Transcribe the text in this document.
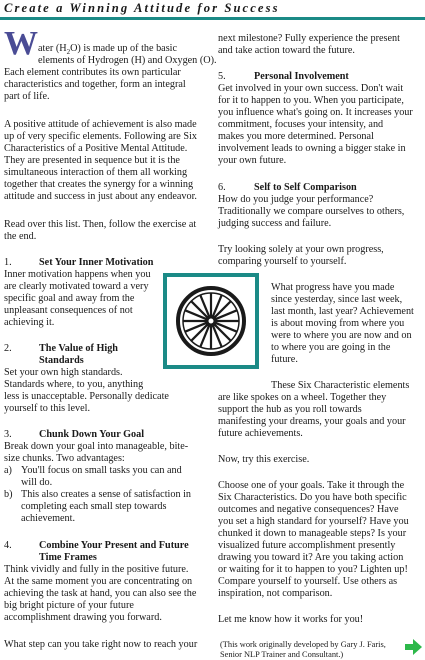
Create a Winning Attitude for Success
W ater $(H_2O)$ is made up of the basic
elements of Hydrogen (H) and Oxygen (O).
Each element contributes its own particular
characteristics and together, form an integral
part of life.
A positive attitude of achievement is also made
up of very specific elements. Following are Six
Characteristics of a Positive Mental Attitude.
They are presented in sequence but it is the
simultaneous interaction of them all working
together that creates the synergy for a winning
attitude and success in just about any endeavor.
Read over this list. Then, follow the exercise at
the end.
1.	Set Your Inner Motivation
Inner motivation happens when you
are clearly motivated toward a very
specific goal and away from the
unpleasant consequences of not
achieving it.
2.	The Value of High
Standards
Set your own high standards.
Standards where, to you, anything
less is unacceptable. Personally dedicate
yourself to this level.
3.	Chunk Down Your Goal
Break down your goal into manageable, bite-
size chunks. Two advantages:
a) You'll focus on small tasks you can and
will do.
b) This also creates a sense of satisfaction in
completing each small step towards
achievement.
4.	Combine Your Present and Future
Time Frames
Think vividly and fully in the positive future.
At the same moment you are concentrating on
achieving the task at hand, you can also see the
big bright picture of your future
accomplishment drawing you forward.
What step can you take right now to reach your
next milestone? Fully experience the present
and take action toward the future.
5.	Personal Involvement
Get involved in your own success. Don't wait
for it to happen to you. When you participate,
you influence what's going on. It increases your
commitment, focuses your intensity, and
makes you more determined. Personal
involvement leads to owning a bigger stake in
your own future.
6.	Self to Self Comparison
How do you judge your performance?
Traditionally we compare ourselves to others,
judging success and failure.
Try looking solely at your own progress,
comparing yourself to yourself.
What progress have you made
since yesterday, since last week,
last month, last year? Achievement
is about moving from where you
were to where you are now and on
to where you are going in the
future.
These Six Characteristic elements
are like spokes on a wheel. Together they
support the hub as you roll towards
manifesting your dreams, your goals and your
future achievements.
Now, try this exercise.
Choose one of your goals. Take it through the
Six Characteristics. Do you have both specific
outcomes and negative consequences? Have
you set a high standard for yourself? Have you
chunked it down to manageable steps? Is your
visualized future accomplishment presently
drawing you toward it? Are you taking action
or waiting for it to happen to you? Lighten up!
Compare yourself to yourself. Use others as
inspiration, not comparison.
Let me know how it works for you!
(This work originally developed by Gary J. Faris,
Senior NLP Trainer and Consultant.)
